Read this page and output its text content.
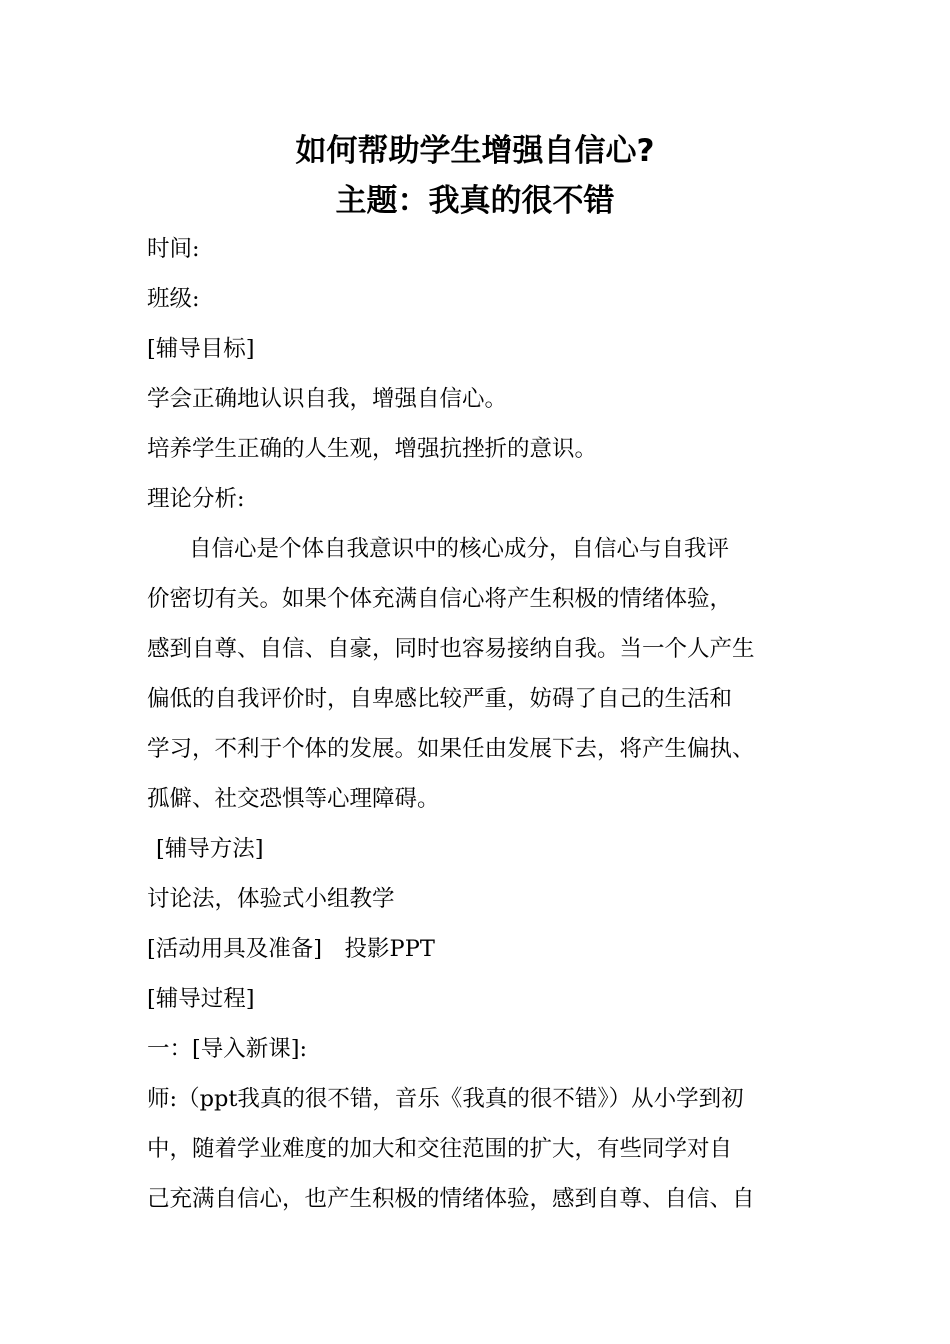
如何帮助学生增强自信心?
主题：我真的很不错
时间:
班级:
[辅导目标]
学会正确地认识自我，增强自信心。
培养学生正确的人生观，增强抗挫折的意识。
理论分析:
自信心是个体自我意识中的核心成分，自信心与自我评
价密切有关。如果个体充满自信心将产生积极的情绪体验，
感到自尊、自信、自豪，同时也容易接纳自我。当一个人产生
偏低的自我评价时，自卑感比较严重，妨碍了自己的生活和
学习，不利于个体的发展。如果任由发展下去，将产生偏执、
孤僻、社交恐惧等心理障碍。
[辅导方法]
讨论法，体验式小组教学
[活动用具及准备]　投影PPT
[辅导过程]
一：[导入新课]:
师:（ppt我真的很不错，音乐《我真的很不错》）从小学到初
中，随着学业难度的加大和交往范围的扩大，有些同学对自
己充满自信心，也产生积极的情绪体验，感到自尊、自信、自
